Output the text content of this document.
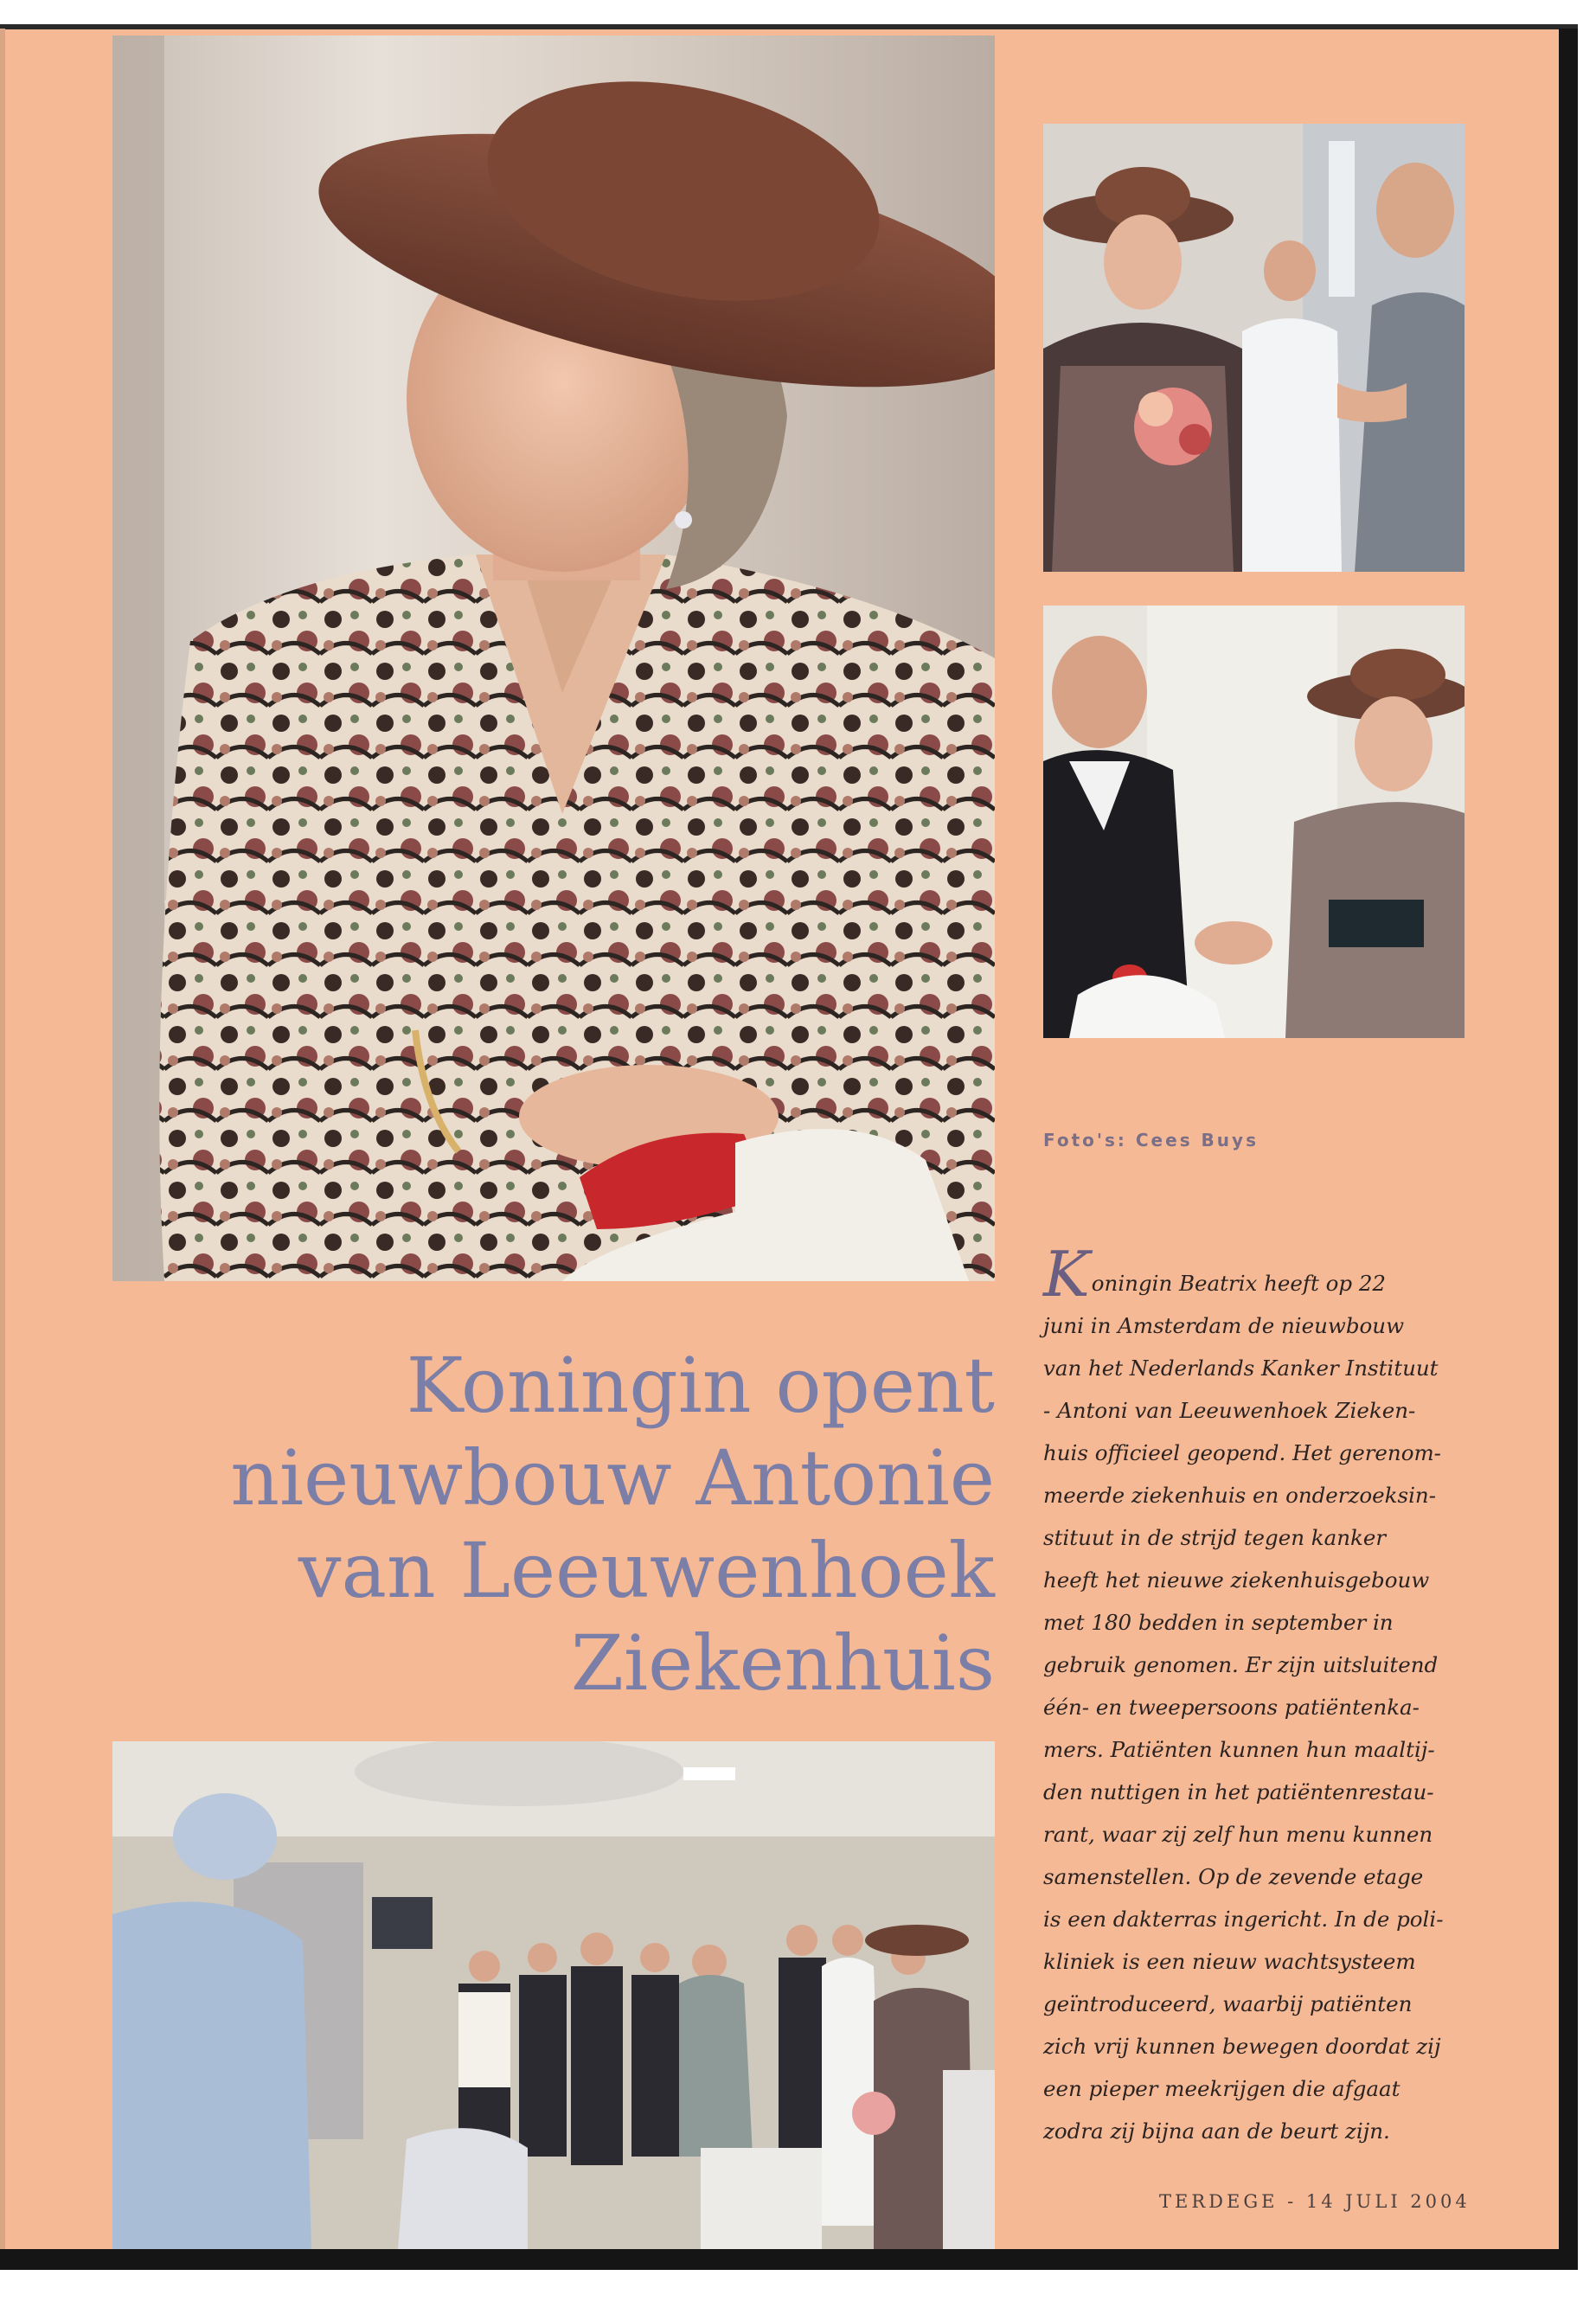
Foto's: Cees Buys
Koningin opent
nieuwbouw Antonie
van Leeuwenhoek
Ziekenhuis
Koningin Beatrix heeft op 22
juni in Amsterdam de nieuwbouw
van het Nederlands Kanker Instituut
- Antoni van Leeuwenhoek Zieken-
huis officieel geopend. Het gerenom-
meerde ziekenhuis en onderzoeksin-
stituut in de strijd tegen kanker
heeft het nieuwe ziekenhuisgebouw
met 180 bedden in september in
gebruik genomen. Er zijn uitsluitend
één- en tweepersoons patiëntenka-
mers. Patiënten kunnen hun maaltij-
den nuttigen in het patiëntenrestau-
rant, waar zij zelf hun menu kunnen
samenstellen. Op de zevende etage
is een dakterras ingericht. In de poli-
kliniek is een nieuw wachtsysteem
geïntroduceerd, waarbij patiënten
zich vrij kunnen bewegen doordat zij
een pieper meekrijgen die afgaat
zodra zij bijna aan de beurt zijn.
TERDEGE - 14 JULI 2004
